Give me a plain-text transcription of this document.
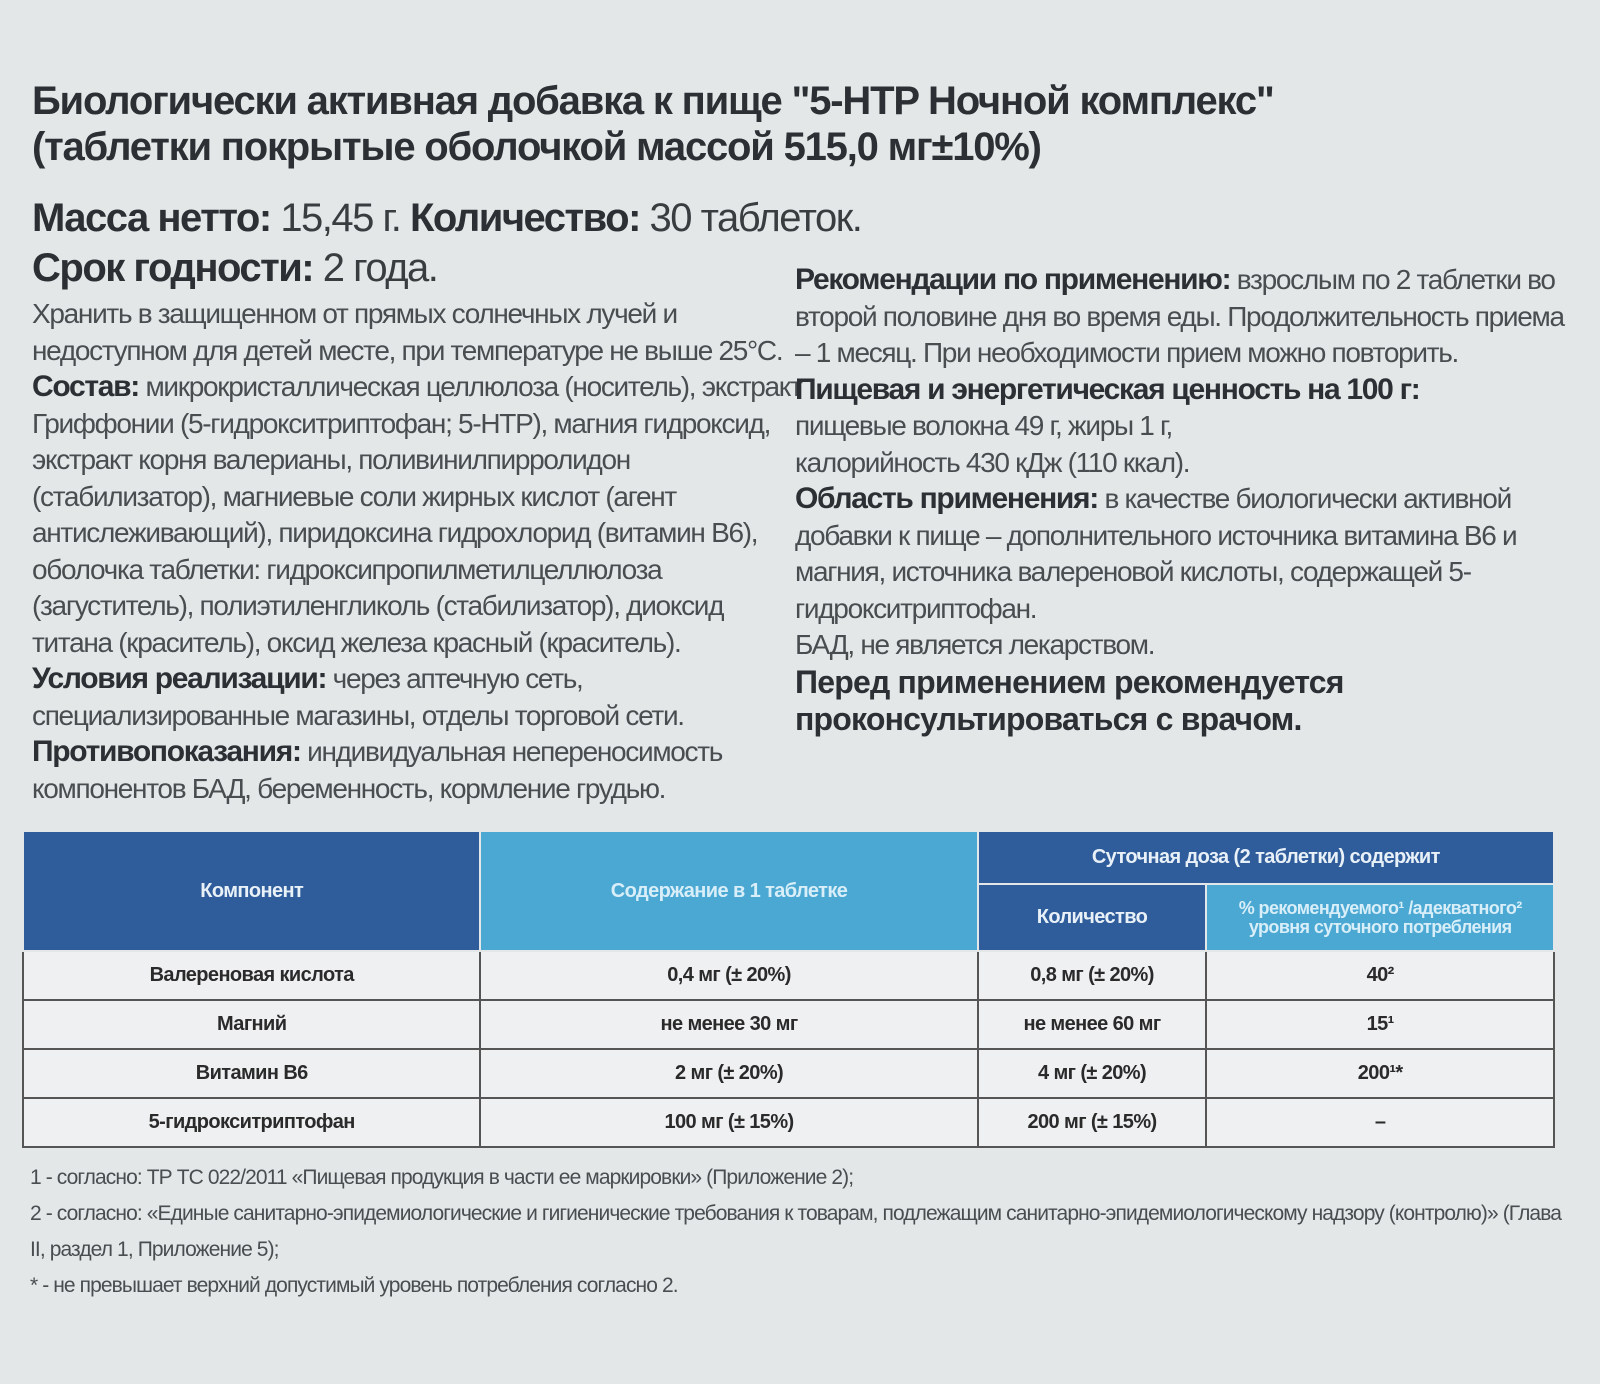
Биологически активная добавка к пище "5-HTP Ночной комплекс"
(таблетки покрытые оболочкой массой 515,0 мг±10%)
Масса нетто: 15,45 г. Количество: 30 таблеток.
Срок годности: 2 года.

Хранить в защищенном от прямых солнечных лучей и недоступном для детей месте, при температуре не выше 25°С.

Состав: микрокристаллическая целлюлоза (носитель), экстракт Гриффонии (5-гидрокситриптофан; 5-HTP), магния гидроксид, экстракт корня валерианы, поливинилпирролидон (стабилизатор), магниевые соли жирных кислот (агент антислеживающий), пиридоксина гидрохлорид (витамин В6), оболочка таблетки: гидроксипропилметилцеллюлоза (загуститель), полиэтиленгликоль (стабилизатор), диоксид титана (краситель), оксид железа красный (краситель).

Условия реализации: через аптечную сеть, специализированные магазины, отделы торговой сети.

Противопоказания: индивидуальная непереносимость компонентов БАД, беременность, кормление грудью.

Рекомендации по применению: взрослым по 2 таблетки во второй половине дня во время еды. Продолжительность приема – 1 месяц. При необходимости прием можно повторить.

Пищевая и энергетическая ценность на 100 г:
пищевые волокна 49 г, жиры 1 г,
калорийность 430 кДж (110 ккал).

Область применения: в качестве биологически активной добавки к пище – дополнительного источника витамина В6 и магния, источника валереновой кислоты, содержащей 5-гидрокситриптофан.

БАД, не является лекарством.

Перед применением рекомендуется проконсультироваться с врачом.

Компонент	Содержание в 1 таблетке	Суточная доза (2 таблетки) содержит	
		Количество	% рекомендуемого¹ /адекватного² уровня суточного потребления
Валереновая кислота	0,4 мг (± 20%)	0,8 мг (± 20%)	40²
Магний	не менее 30 мг	не менее 60 мг	15¹
Витамин В6	2 мг (± 20%)	4 мг (± 20%)	200¹*
5-гидрокситриптофан	100 мг (± 15%)	200 мг (± 15%)	–
1 - согласно: ТР ТС 022/2011 «Пищевая продукция в части ее маркировки» (Приложение 2);
2 - согласно: «Единые санитарно-эпидемиологические и гигиенические требования к товарам, подлежащим санитарно-эпидемиологическому надзору (контролю)» (Глава II, раздел 1, Приложение 5);
* - не превышает верхний допустимый уровень потребления согласно 2.
